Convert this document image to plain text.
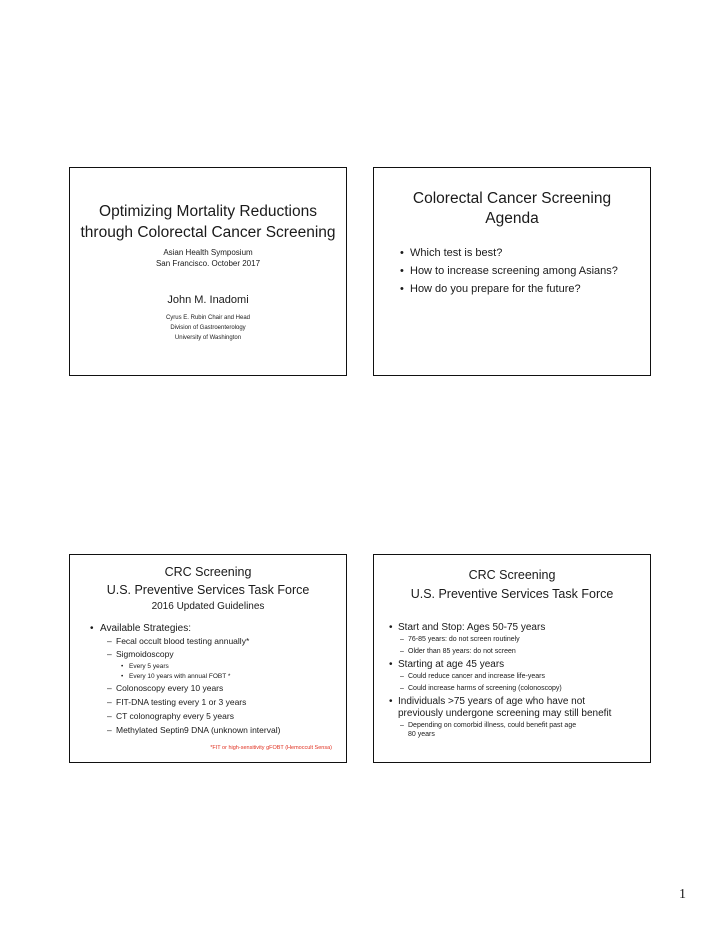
Optimizing Mortality Reductions
through Colorectal Cancer Screening
Asian Health Symposium
San Francisco. October 2017
John M. Inadomi
Cyrus E. Rubin Chair and Head
Division of Gastroenterology
University of Washington
Colorectal Cancer Screening
Agenda
• Which test is best?
• How to increase screening among Asians?
• How do you prepare for the future?
CRC Screening
U.S. Preventive Services Task Force
2016 Updated Guidelines
• Available Strategies:
– Fecal occult blood testing annually*
– Sigmoidoscopy
• Every 5 years
• Every 10 years with annual FOBT *
– Colonoscopy every 10 years
– FIT-DNA testing every 1 or 3 years
– CT colonography every 5 years
– Methylated Septin9 DNA (unknown interval)
*FIT or high-sensitivity gFOBT (Hemoccult Sensa)
CRC Screening
U.S. Preventive Services Task Force
• Start and Stop: Ages 50-75 years
– 76-85 years: do not screen routinely
– Older than 85 years: do not screen
• Starting at age 45 years
– Could reduce cancer and increase life-years
– Could increase harms of screening (colonoscopy)
• Individuals >75 years of age who have not
previously undergone screening may still benefit
– Depending on comorbid illness, could benefit past age
80 years
1
